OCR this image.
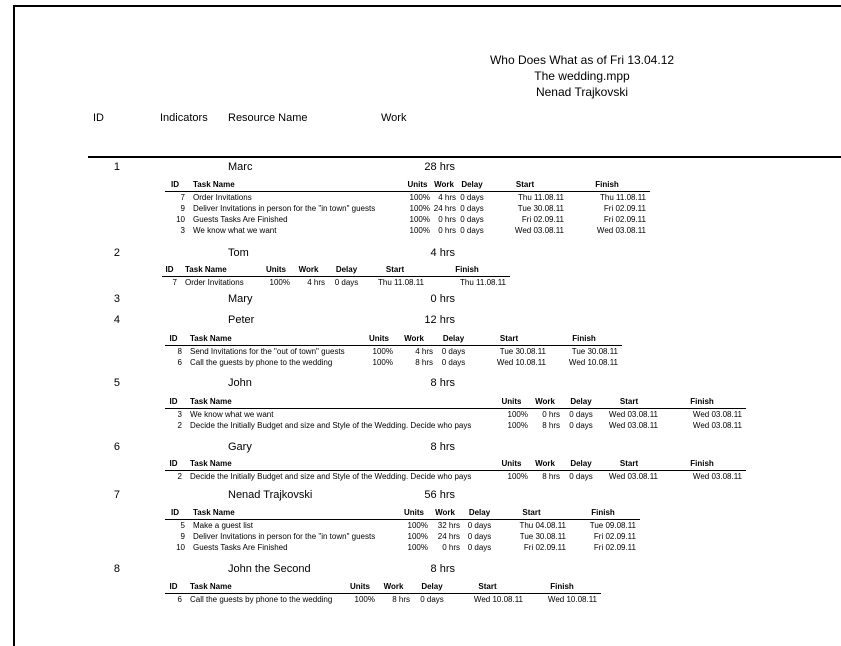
Who Does What as of Fri 13.04.12
The wedding.mpp
Nenad Trajkovski
ID	Indicators Resource Name	Work
1	Marc	28 hrs
ID	Task Name	Units	Work	Delay	Start	Finish
7	Order Invitations	100%	4 hrs	0 days	Thu 11.08.11	Thu 11.08.11
9	Deliver Invitations in person for the "in town" guests	100%	24 hrs	0 days	Tue 30.08.11	Fri 02.09.11
10	Guests Tasks Are Finished	100%	0 hrs	0 days	Fri 02.09.11	Fri 02.09.11
3	We know what we want	100%	0 hrs	0 days	Wed 03.08.11	Wed 03.08.11
2	Tom	4 hrs
ID	Task Name	Units	Work	Delay	Start	Finish
7	Order Invitations	100%	4 hrs	0 days	Thu 11.08.11	Thu 11.08.11
3	Mary	0 hrs
4	Peter	12 hrs
ID	Task Name	Units	Work	Delay	Start	Finish
8	Send Invitations for the "out of town" guests	100%	4 hrs	0 days	Tue 30.08.11	Tue 30.08.11
6	Call the guests by phone to the wedding	100%	8 hrs	0 days	Wed 10.08.11	Wed 10.08.11
5	John	8 hrs
ID	Task Name	Units	Work	Delay	Start	Finish
3	We know what we want	100%	0 hrs	0 days	Wed 03.08.11	Wed 03.08.11
2	Decide the Initially Budget and size and Style of the Wedding. Decide who pays	100%	8 hrs	0 days	Wed 03.08.11	Wed 03.08.11
6	Gary	8 hrs
ID	Task Name	Units	Work	Delay	Start	Finish
2	Decide the Initially Budget and size and Style of the Wedding. Decide who pays	100%	8 hrs	0 days	Wed 03.08.11	Wed 03.08.11
7	Nenad Trajkovski	56 hrs
ID	Task Name	Units	Work	Delay	Start	Finish
5	Make a guest list	100%	32 hrs	0 days	Thu 04.08.11	Tue 09.08.11
9	Deliver Invitations in person for the "in town" guests	100%	24 hrs	0 days	Tue 30.08.11	Fri 02.09.11
10	Guests Tasks Are Finished	100%	0 hrs	0 days	Fri 02.09.11	Fri 02.09.11
8	John the Second	8 hrs
ID	Task Name	Units	Work	Delay	Start	Finish
6	Call the guests by phone to the wedding	100%	8 hrs	0 days	Wed 10.08.11	Wed 10.08.11
